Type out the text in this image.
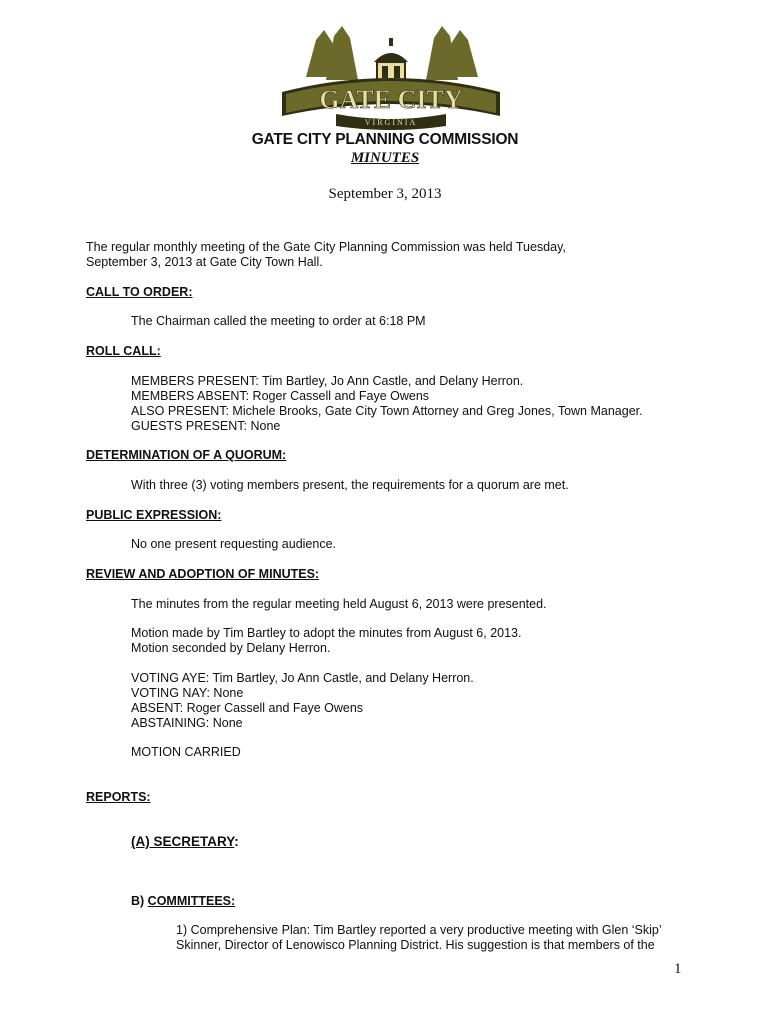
GATE CITY
VIRGINIA
GATE CITY PLANNING COMMISSION
MINUTES
September 3, 2013
The regular monthly meeting of the Gate City Planning Commission was held Tuesday,
September 3, 2013 at Gate City Town Hall.
CALL TO ORDER:
The Chairman called the meeting to order at 6:18 PM
ROLL CALL:
MEMBERS PRESENT: Tim Bartley, Jo Ann Castle, and Delany Herron.
MEMBERS ABSENT: Roger Cassell and Faye Owens
ALSO PRESENT: Michele Brooks, Gate City Town Attorney and Greg Jones, Town Manager.
GUESTS PRESENT: None
DETERMINATION OF A QUORUM:
With three (3) voting members present, the requirements for a quorum are met.
PUBLIC EXPRESSION:
No one present requesting audience.
REVIEW AND ADOPTION OF MINUTES:
The minutes from the regular meeting held August 6, 2013 were presented.
Motion made by Tim Bartley to adopt the minutes from August 6, 2013.
Motion seconded by Delany Herron.
VOTING AYE: Tim Bartley, Jo Ann Castle, and Delany Herron.
VOTING NAY: None
ABSENT: Roger Cassell and Faye Owens
ABSTAINING: None
MOTION CARRIED
REPORTS:
(A) SECRETARY:
B) COMMITTEES:
1) Comprehensive Plan: Tim Bartley reported a very productive meeting with Glen ‘Skip’
Skinner, Director of Lenowisco Planning District. His suggestion is that members of the
1
